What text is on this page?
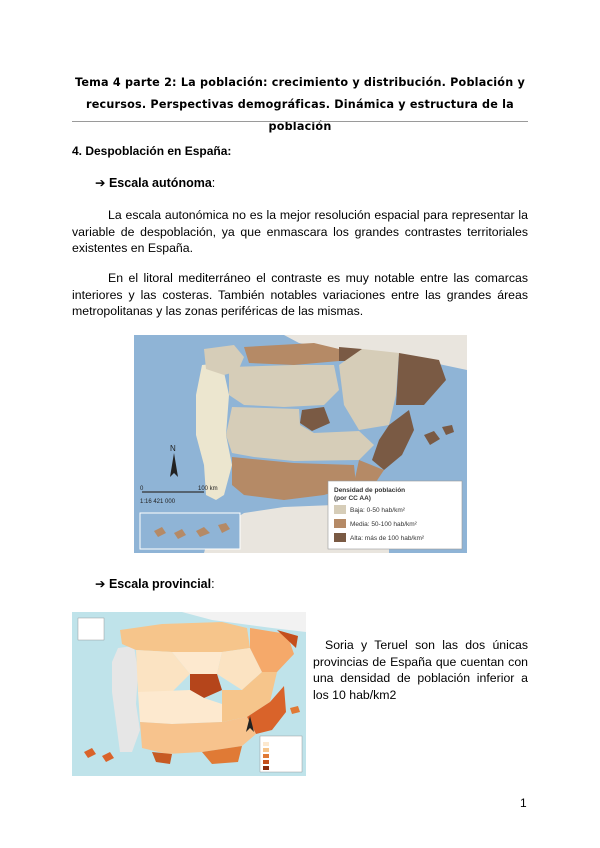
Tema 4 parte 2: La población: crecimiento y distribución. Población y
recursos. Perspectivas demográficas. Dinámica y estructura de la población
4. Despoblación en España:
➔ Escala autónoma:

La escala autonómica no es la mejor resolución espacial para representar la variable de despoblación, ya que enmascara los grandes contrastes territoriales existentes en España.

En el litoral mediterráneo el contraste es muy notable entre las comarcas interiores y las costeras. También notables variaciones entre las grandes áreas metropolitanas y las zonas periféricas de las mismas.

N
0	100 km
1:16 421 000
Densidad de población
(por CC AA)
Baja: 0-50 hab/km²
Media: 50-100 hab/km²
Alta: más de 100 hab/km²
➔ Escala provincial:

Soria y Teruel son las dos únicas provincias de España que cuentan con una densidad de población inferior a los 10 hab/km2

1
